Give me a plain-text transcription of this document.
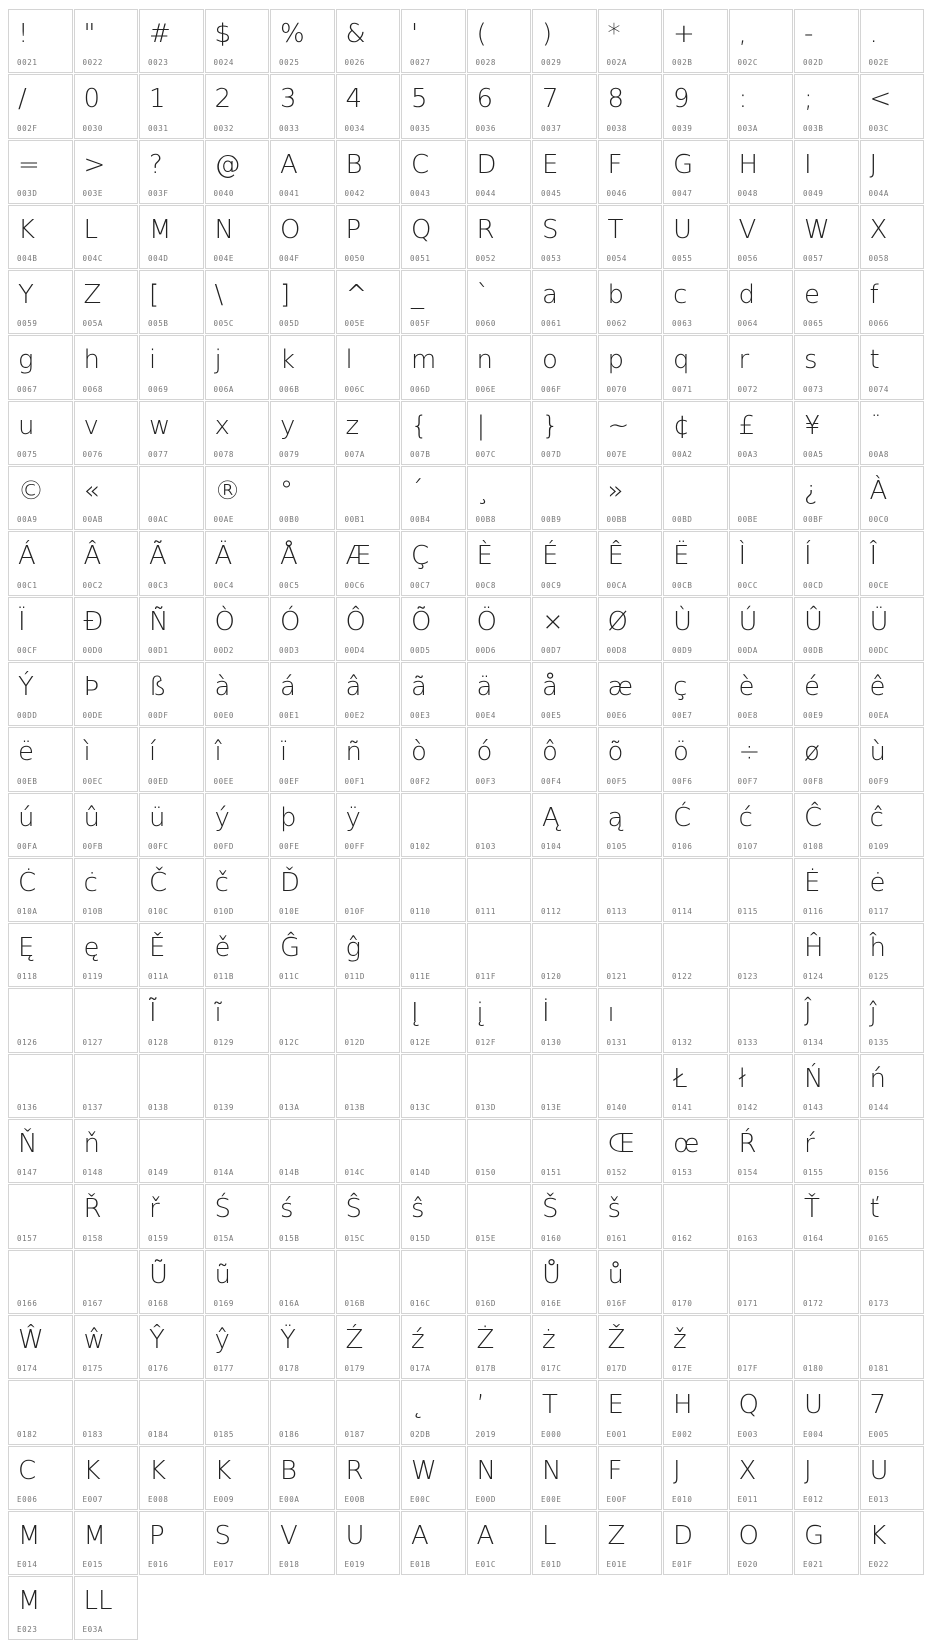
!
0021
"
0022
#
0023
$
0024
%
0025
&
0026
'
0027
(
0028
)
0029
*
002A
+
002B
,
002C
-
002D
.
002E
/
002F
0
0030
1
0031
2
0032
3
0033
4
0034
5
0035
6
0036
7
0037
8
0038
9
0039
:
003A
;
003B
<
003C
=
003D
>
003E
?
003F
@
0040
A
0041
B
0042
C
0043
D
0044
E
0045
F
0046
G
0047
H
0048
I
0049
J
004A
K
004B
L
004C
M
004D
N
004E
O
004F
P
0050
Q
0051
R
0052
S
0053
T
0054
U
0055
V
0056
W
0057
X
0058
Y
0059
Z
005A
[
005B
\
005C
]
005D
^
005E
_
005F
`
0060
a
0061
b
0062
c
0063
d
0064
e
0065
f
0066
g
0067
h
0068
i
0069
j
006A
k
006B
l
006C
m
006D
n
006E
o
006F
p
0070
q
0071
r
0072
s
0073
t
0074
u
0075
v
0076
w
0077
x
0078
y
0079
z
007A
{
007B
|
007C
}
007D
~
007E
¢
00A2
£
00A3
¥
00A5
¨
00A8
©
00A9
«
00AB	00AC
®
00AE
°
00B0	00B1
´
00B4
¸
00B8	00B9
»
00BB	00BD	00BE
¿
00BF
À
00C0
Á
00C1
Â
00C2
Ã
00C3
Ä
00C4
Å
00C5
Æ
00C6
Ç
00C7
È
00C8
É
00C9
Ê
00CA
Ë
00CB
Ì
00CC
Í
00CD
Î
00CE
Ï
00CF
Đ
00D0
Ñ
00D1
Ò
00D2
Ó
00D3
Ô
00D4
Õ
00D5
Ö
00D6
×
00D7
Ø
00D8
Ù
00D9
Ú
00DA
Û
00DB
Ü
00DC
Ý
00DD
Þ
00DE
ß
00DF
à
00E0
á
00E1
â
00E2
ã
00E3
ä
00E4
å
00E5
æ
00E6
ç
00E7
è
00E8
é
00E9
ê
00EA
ë
00EB
ì
00EC
í
00ED
î
00EE
ï
00EF
ñ
00F1
ò
00F2
ó
00F3
ô
00F4
õ
00F5
ö
00F6
÷
00F7
ø
00F8
ù
00F9
ú
00FA
û
00FB
ü
00FC
ý
00FD
þ
00FE
ÿ
00FF	0102	0103
Ą
0104
ą
0105
Ć
0106
ć
0107
Ĉ
0108
ĉ
0109
Ċ
010A
ċ
010B
Č
010C
č
010D
Ď
010E	010F	0110	0111	0112	0113	0114	0115
Ė
0116
ė
0117
Ę
0118
ę
0119
Ě
011A
ě
011B
Ĝ
011C
ĝ
011D	011E	011F	0120	0121	0122	0123
Ĥ
0124
ĥ
0125
0126	0127
Ĩ
0128
ĩ
0129	012C	012D
Į
012E
į
012F
İ
0130
ı
0131	0132	0133
Ĵ
0134
ĵ
0135
0136	0137	0138	0139	013A	013B	013C	013D	013E	0140
Ł
0141
ł
0142
Ń
0143
ń
0144
Ň
0147
ň
0148	0149	014A	014B	014C	014D	0150	0151
Œ
0152
œ
0153
Ŕ
0154
ŕ
0155	0156
0157
Ř
0158
ř
0159
Ś
015A
ś
015B
Ŝ
015C
ŝ
015D	015E
Š
0160
š
0161	0162	0163
Ť
0164
ť
0165
0166	0167
Ũ
0168
ũ
0169	016A	016B	016C	016D
Ů
016E
ů
016F	0170	0171	0172	0173
Ŵ
0174
ŵ
0175
Ŷ
0176
ŷ
0177
Ÿ
0178
Ź
0179
ź
017A
Ż
017B
ż
017C
Ž
017D
ž
017E	017F	0180	0181
0182	0183	0184	0185	0186	0187
˛
02DB
’
2019
T
E000
E
E001
H
E002
Q
E003
U
E004
7
E005
C
E006
K
E007
K
E008
K
E009
B
E00A
R
E00B
W
E00C
N
E00D
N
E00E
F
E00F
J
E010
X
E011
J
E012
U
E013
M
E014
M
E015
P
E016
S
E017
V
E018
U
E019
A
E01B
A
E01C
L
E01D
Z
E01E
D
E01F
O
E020
G
E021
K
E022
M
E023
LL
E03A
